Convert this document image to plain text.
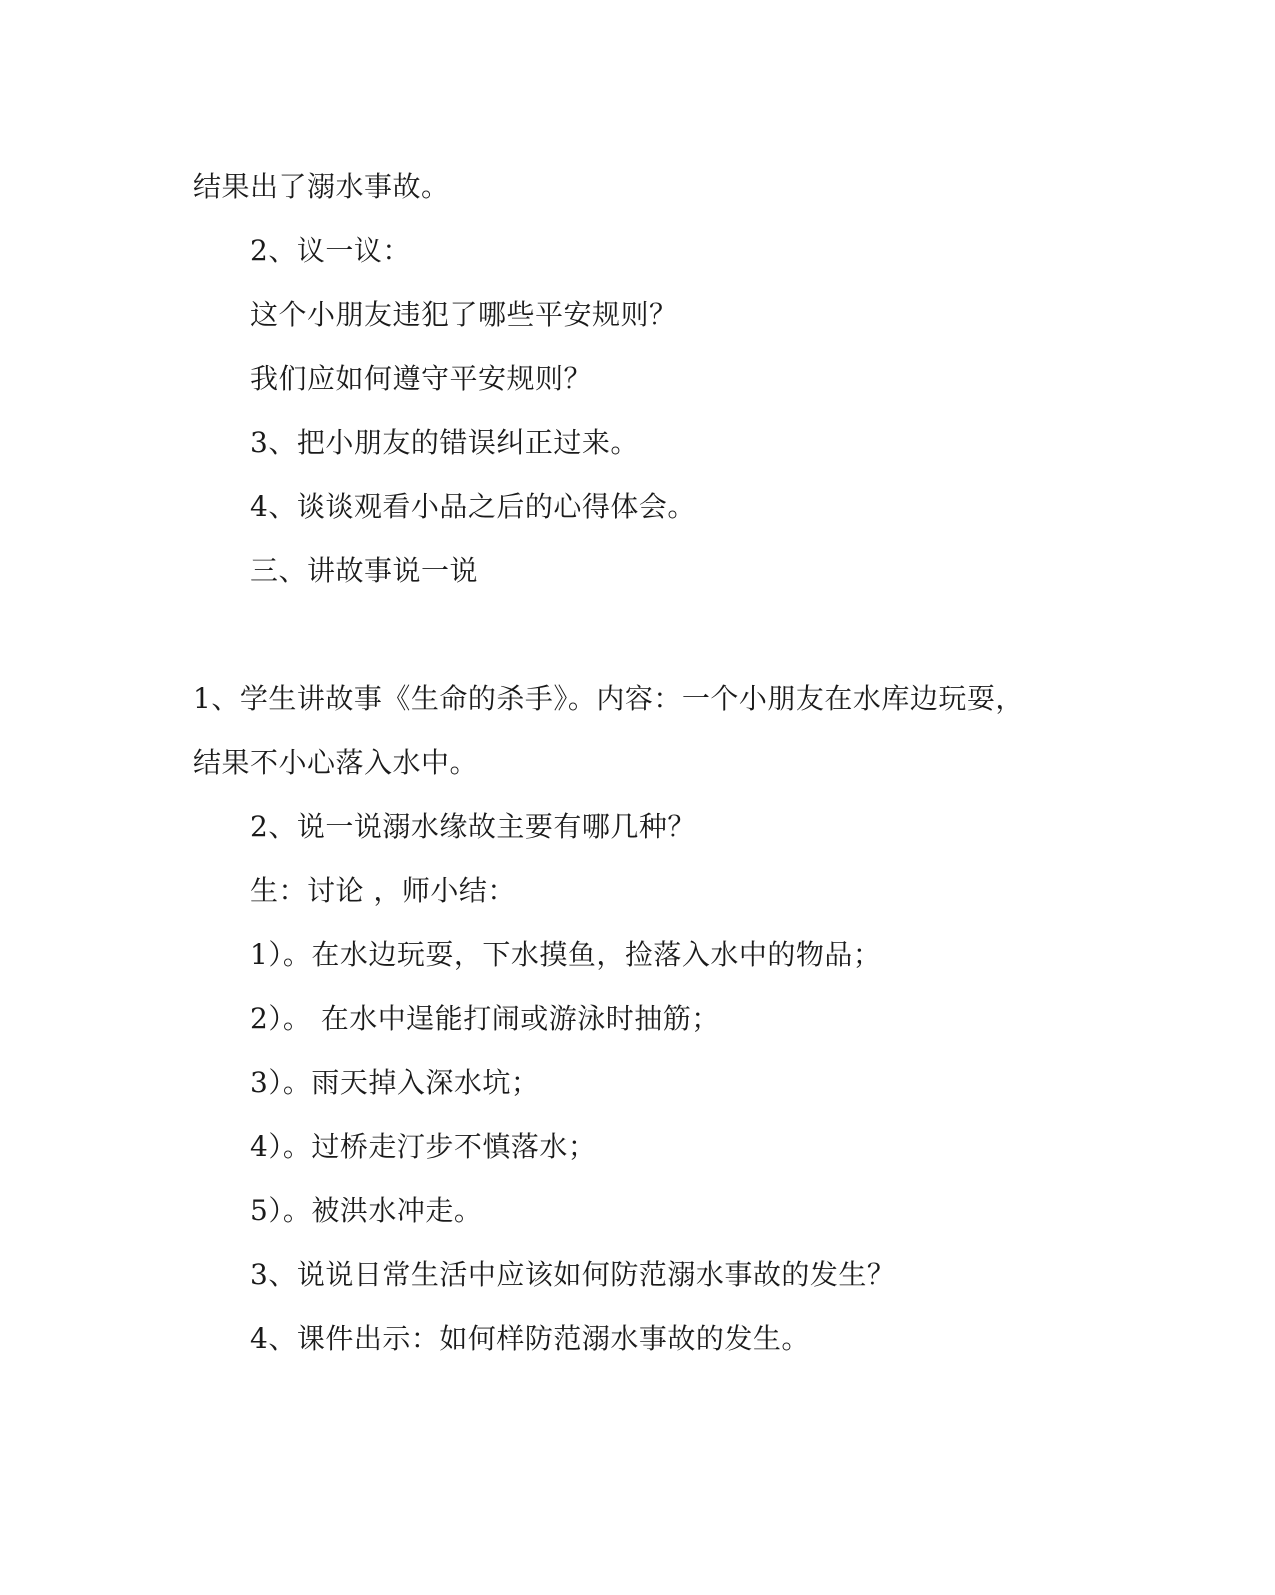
结果出了溺水事故。
2、议一议：
这个小朋友违犯了哪些平安规则？
我们应如何遵守平安规则？
3、把小朋友的错误纠正过来。
4、谈谈观看小品之后的心得体会。
三、讲故事说一说
1、学生讲故事《生命的杀手》。内容：一个小朋友在水库边玩耍，
结果不小心落入水中。
2、说一说溺水缘故主要有哪几种？
生：讨论 ，师小结：
1）。在水边玩耍，下水摸鱼，捡落入水中的物品；
2）。 在水中逞能打闹或游泳时抽筋；
3）。雨天掉入深水坑；
4）。过桥走汀步不慎落水；
5）。被洪水冲走。
3、说说日常生活中应该如何防范溺水事故的发生？
4、课件出示：如何样防范溺水事故的发生。
